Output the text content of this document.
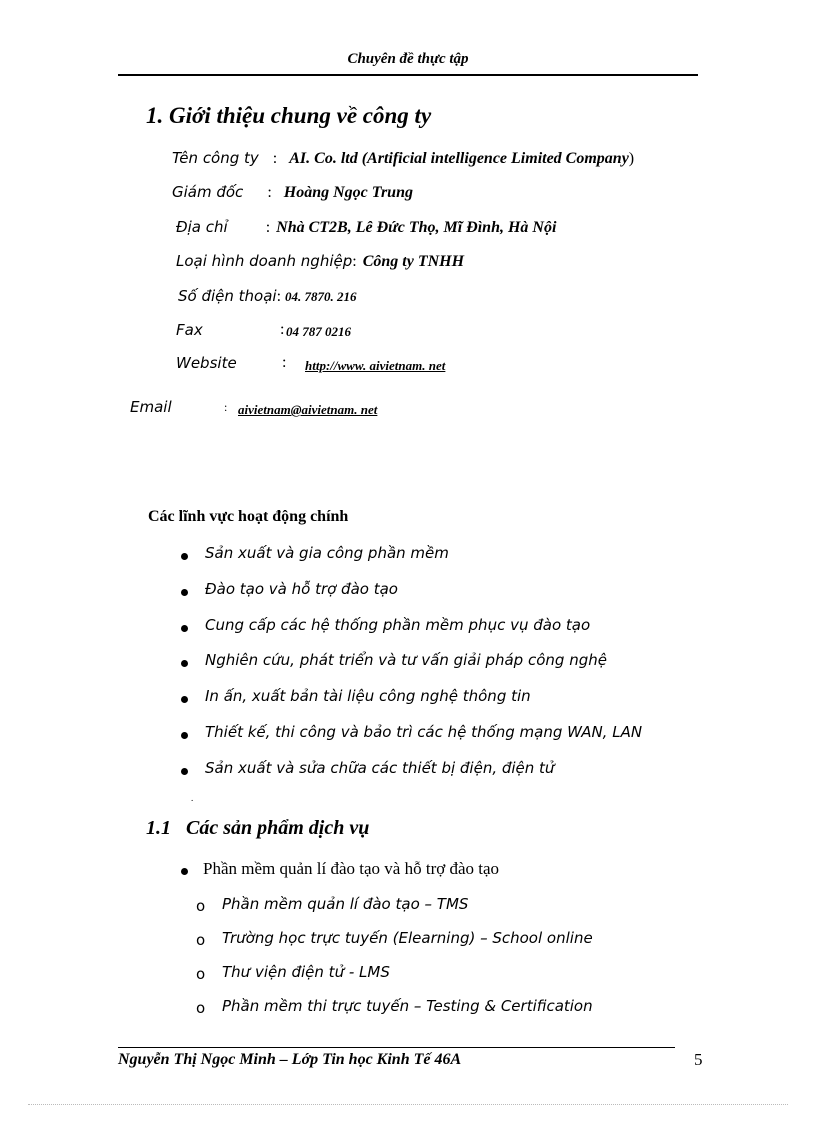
Chuyên đề thực tập
1. Giới thiệu chung về công ty
Tên công ty : AI. Co. ltd (Artificial intelligence Limited Company)
Giám đốc : Hoàng Ngọc Trung
Địa chỉ : Nhà CT2B, Lê Đức Thọ, Mĩ Đình, Hà Nội
Loại hình doanh nghiệp: Công ty TNHH
Số điện thoại: 04. 7870. 216
Fax	: 04 787 0216
Website	: http://www. aivietnam. net
Email	: aivietnam@aivietnam. net
Các lĩnh vực hoạt động chính
Sản xuất và gia công phần mềm
Đào tạo và hỗ trợ đào tạo
Cung cấp các hệ thống phần mềm phục vụ đào tạo
Nghiên cứu, phát triển và tư vấn giải pháp công nghệ
In ấn, xuất bản tài liệu công nghệ thông tin
Thiết kế, thi công và bảo trì các hệ thống mạng WAN, LAN
Sản xuất và sửa chữa các thiết bị điện, điện tử
.
1.1 Các sản phẩm dịch vụ
Phần mềm quản lí đào tạo và hỗ trợ đào tạo
o Phần mềm quản lí đào tạo – TMS
o Trường học trực tuyến (Elearning) – School online
o Thư viện điện tử - LMS
o Phần mềm thi trực tuyến – Testing & Certification
Nguyễn Thị Ngọc Minh – Lớp Tin học Kinh Tế 46A	5
